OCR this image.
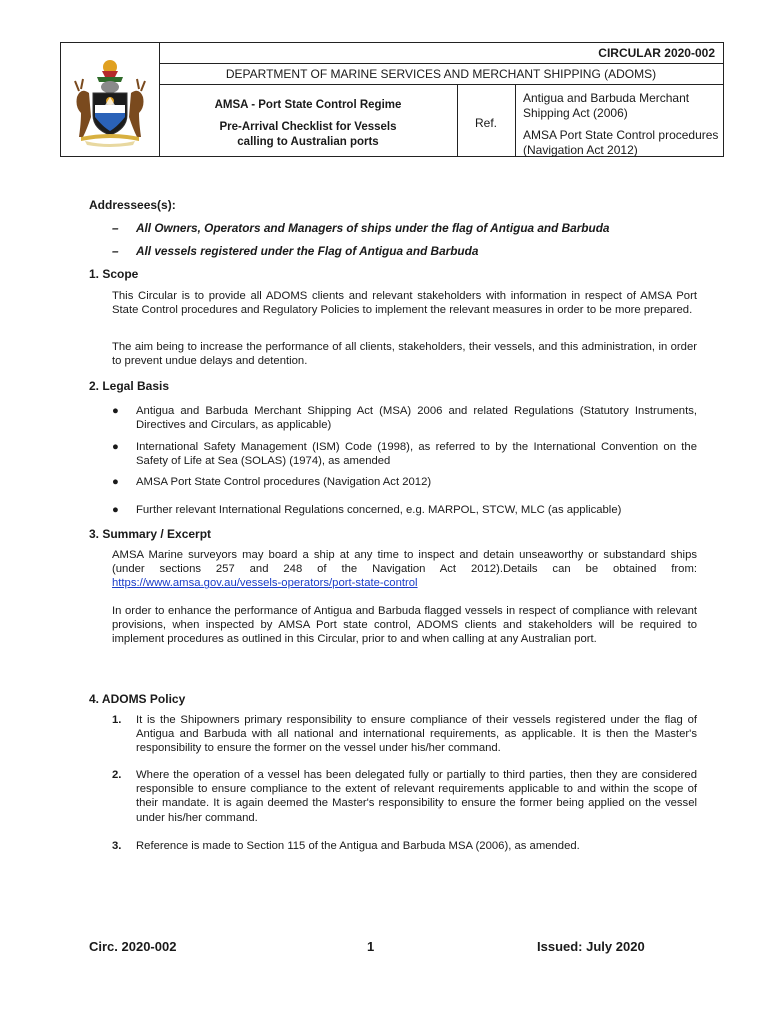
CIRCULAR 2020-002
DEPARTMENT OF MARINE SERVICES AND MERCHANT SHIPPING (ADOMS)
AMSA - Port State Control Regime
Pre-Arrival Checklist for Vessels
calling to Australian ports
Ref.
Antigua and Barbuda Merchant Shipping Act (2006)
AMSA Port State Control procedures (Navigation Act 2012)
Addressees(s):
– All Owners, Operators and Managers of ships under the flag of Antigua and Barbuda
– All vessels registered under the Flag of Antigua and Barbuda
1. Scope
This Circular is to provide all ADOMS clients and relevant stakeholders with information in respect of AMSA Port State Control procedures and Regulatory Policies to implement the relevant measures in order to be more prepared.
The aim being to increase the performance of all clients, stakeholders, their vessels, and this administration, in order to prevent undue delays and detention.
2. Legal Basis
● Antigua and Barbuda Merchant Shipping Act (MSA) 2006 and related Regulations (Statutory Instruments, Directives and Circulars, as applicable)
● International Safety Management (ISM) Code (1998), as referred to by the International Convention on the Safety of Life at Sea (SOLAS) (1974), as amended
● AMSA Port State Control procedures (Navigation Act 2012)
● Further relevant International Regulations concerned, e.g. MARPOL, STCW, MLC (as applicable)
3. Summary / Excerpt
AMSA Marine surveyors may board a ship at any time to inspect and detain unseaworthy or substandard ships (under sections 257 and 248 of the Navigation Act 2012).Details can be obtained from: https://www.amsa.gov.au/vessels-operators/port-state-control
In order to enhance the performance of Antigua and Barbuda flagged vessels in respect of compliance with relevant provisions, when inspected by AMSA Port state control, ADOMS clients and stakeholders will be required to implement procedures as outlined in this Circular, prior to and when calling at any Australian port.
4. ADOMS Policy
1. It is the Shipowners primary responsibility to ensure compliance of their vessels registered under the flag of Antigua and Barbuda with all national and international requirements, as applicable. It is then the Master's responsibility to ensure the former on the vessel under his/her command.
2. Where the operation of a vessel has been delegated fully or partially to third parties, then they are considered responsible to ensure compliance to the extent of relevant requirements applicable to and within the scope of their mandate. It is again deemed the Master's responsibility to ensure the former being applied on the vessel under his/her command.
3. Reference is made to Section 115 of the Antigua and Barbuda MSA (2006), as amended.
Circ. 2020-002	1	Issued: July 2020
